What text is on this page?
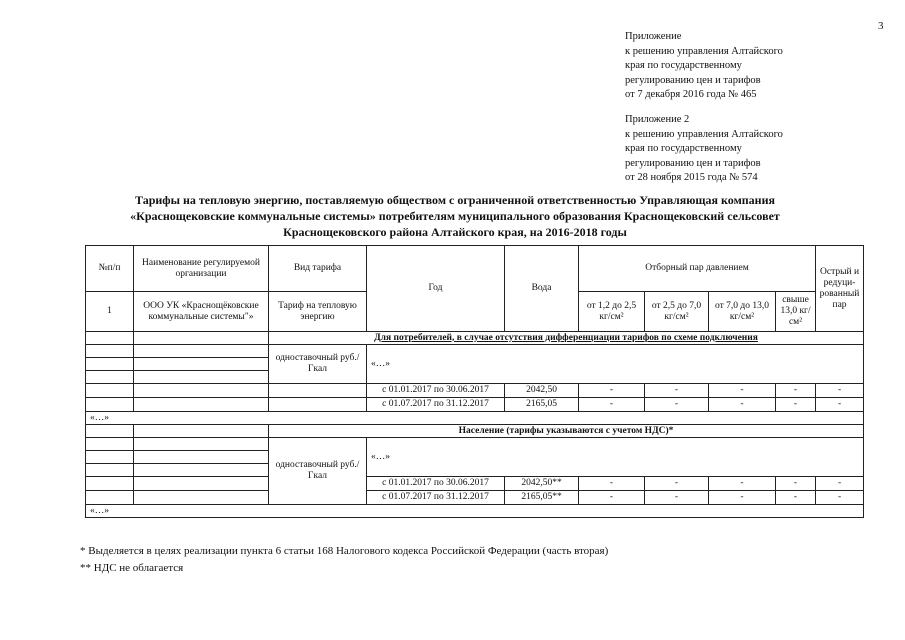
3
Приложение
к решению управления Алтайского
края по государственному
регулированию цен и тарифов
от 7 декабря 2016 года № 465
Приложение 2
к решению управления Алтайского
края по государственному
регулированию цен и тарифов
от 28 ноября 2015 года № 574
Тарифы на тепловую энергию, поставляемую обществом с ограниченной ответственностью Управляющая компания
«Краснощековские коммунальные системы» потребителям муниципального образования Краснощековский сельсовет
Краснощековского района Алтайского края, на 2016-2018 годы
№п/п	Наименование регулируемой организации	Вид тарифа	Год	Вода	Отборный пар давлением				Острый и редуци-рованный пар
1	ООО УК «Краснощёковские коммунальные системы"»	Тариф на тепловую энергию			от 1,2 до 2,5 кг/см²	от 2,5 до 7,0 кг/см²	от 7,0 до 13,0 кг/см²	свыше 13,0 кг/см²	
		Для потребителей, в случае отсутствия дифференциации тарифов по схеме подключения							
		одноставочный руб./Гкал	«…»						

			с 01.01.2017 по 30.06.2017	2042,50	-	-	-	-	-
			с 01.07.2017 по 31.12.2017	2165,05	-	-	-	-	-
«…»									
		Население (тарифы указываются с учетом НДС)*							
		одноставочный руб./Гкал	«…»						

			с 01.01.2017 по 30.06.2017	2042,50**	-	-	-	-	-
			с 01.07.2017 по 31.12.2017	2165,05**	-	-	-	-	-
«…»									
* Выделяется в целях реализации пункта 6 статьи 168 Налогового кодекса Российской Федерации (часть вторая)
** НДС не облагается
